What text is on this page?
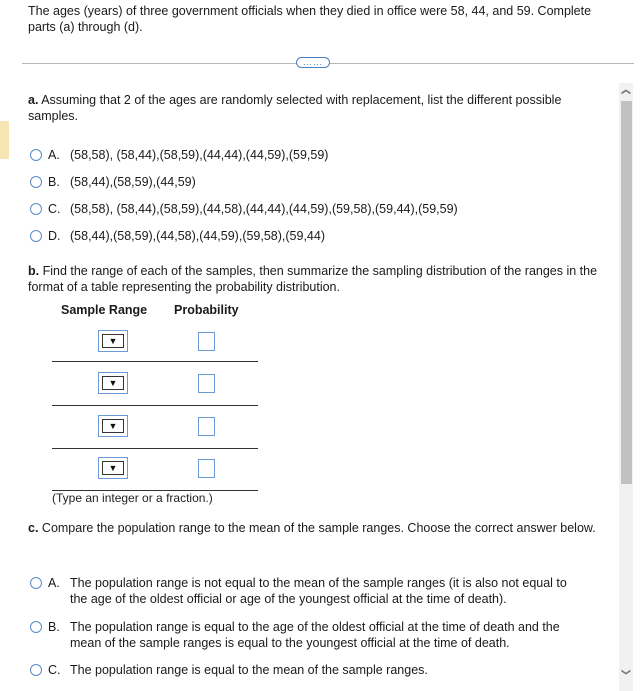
The ages (years) of three government officials when they died in office were 58, 44, and 59. Complete parts (a) through (d).
……
a. Assuming that 2 of the ages are randomly selected with replacement, list the different possible samples.
A. (58,58), (58,44),(58,59),(44,44),(44,59),(59,59)
B. (58,44),(58,59),(44,59)
C. (58,58), (58,44),(58,59),(44,58),(44,44),(44,59),(59,58),(59,44),(59,59)
D. (58,44),(58,59),(44,58),(44,59),(59,58),(59,44)
b. Find the range of each of the samples, then summarize the sampling distribution of the ranges in the format of a table representing the probability distribution.
Sample Range Probability
▼
▼
▼
▼
(Type an integer or a fraction.)
c. Compare the population range to the mean of the sample ranges. Choose the correct answer below.
A. The population range is not equal to the mean of the sample ranges (it is also not equal to
the age of the oldest official or age of the youngest official at the time of death).
B. The population range is equal to the age of the oldest official at the time of death and the
mean of the sample ranges is equal to the youngest official at the time of death.
C. The population range is equal to the mean of the sample ranges.
❮
❯
